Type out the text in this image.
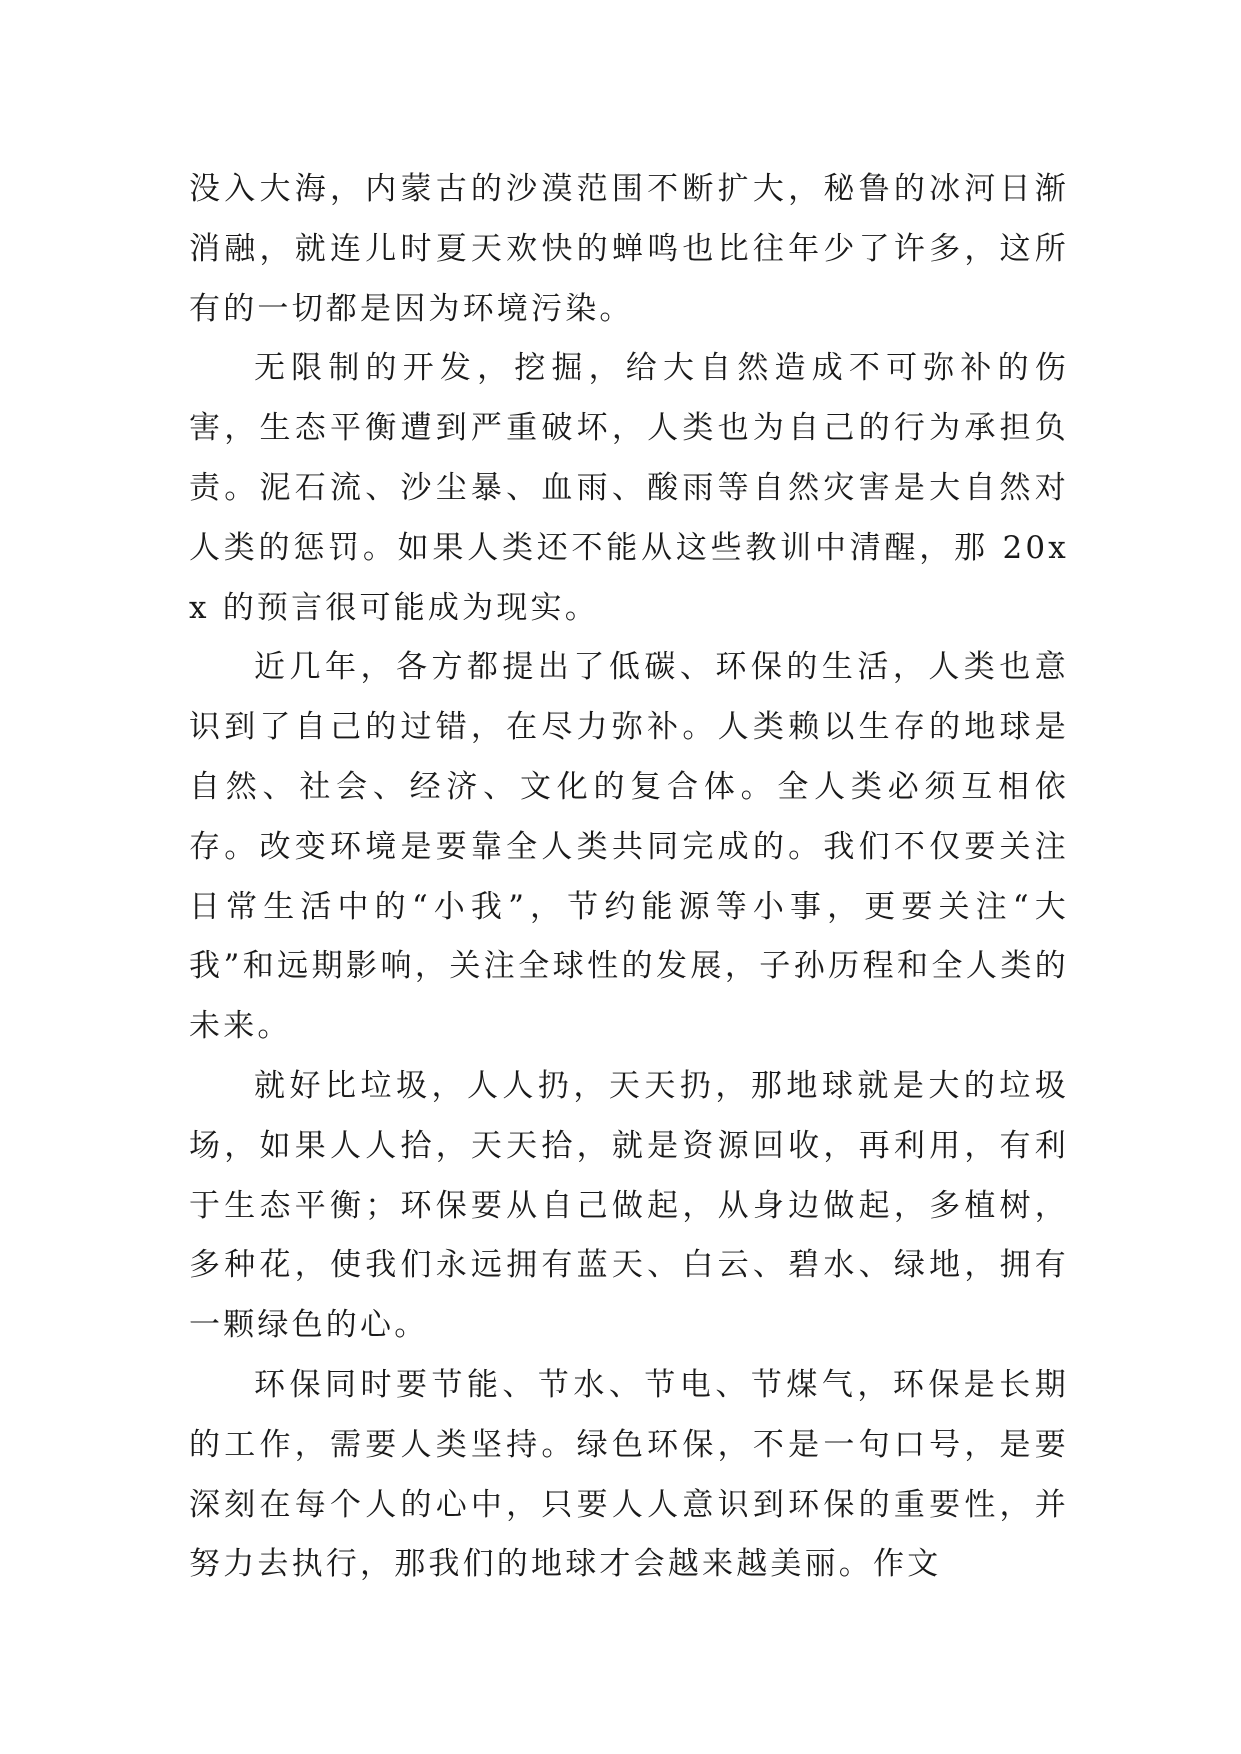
没入大海，内蒙古的沙漠范围不断扩大，秘鲁的冰河日渐消融，就连儿时夏天欢快的蝉鸣也比往年少了许多，这所有的一切都是因为环境污染。

无限制的开发，挖掘，给大自然造成不可弥补的伤害，生态平衡遭到严重破坏，人类也为自己的行为承担负责。泥石流、沙尘暴、血雨、酸雨等自然灾害是大自然对人类的惩罚。如果人类还不能从这些教训中清醒，那 20xx 的预言很可能成为现实。

近几年，各方都提出了低碳、环保的生活，人类也意识到了自己的过错，在尽力弥补。人类赖以生存的地球是自然、社会、经济、文化的复合体。全人类必须互相依存。改变环境是要靠全人类共同完成的。我们不仅要关注日常生活中的“小我”，节约能源等小事，更要关注“大我”和远期影响，关注全球性的发展，子孙历程和全人类的未来。

就好比垃圾，人人扔，天天扔，那地球就是大的垃圾场，如果人人拾，天天拾，就是资源回收，再利用，有利于生态平衡；环保要从自己做起，从身边做起，多植树，多种花，使我们永远拥有蓝天、白云、碧水、绿地，拥有一颗绿色的心。

环保同时要节能、节水、节电、节煤气，环保是长期的工作，需要人类坚持。绿色环保，不是一句口号，是要深刻在每个人的心中，只要人人意识到环保的重要性，并努力去执行，那我们的地球才会越来越美丽。作文
